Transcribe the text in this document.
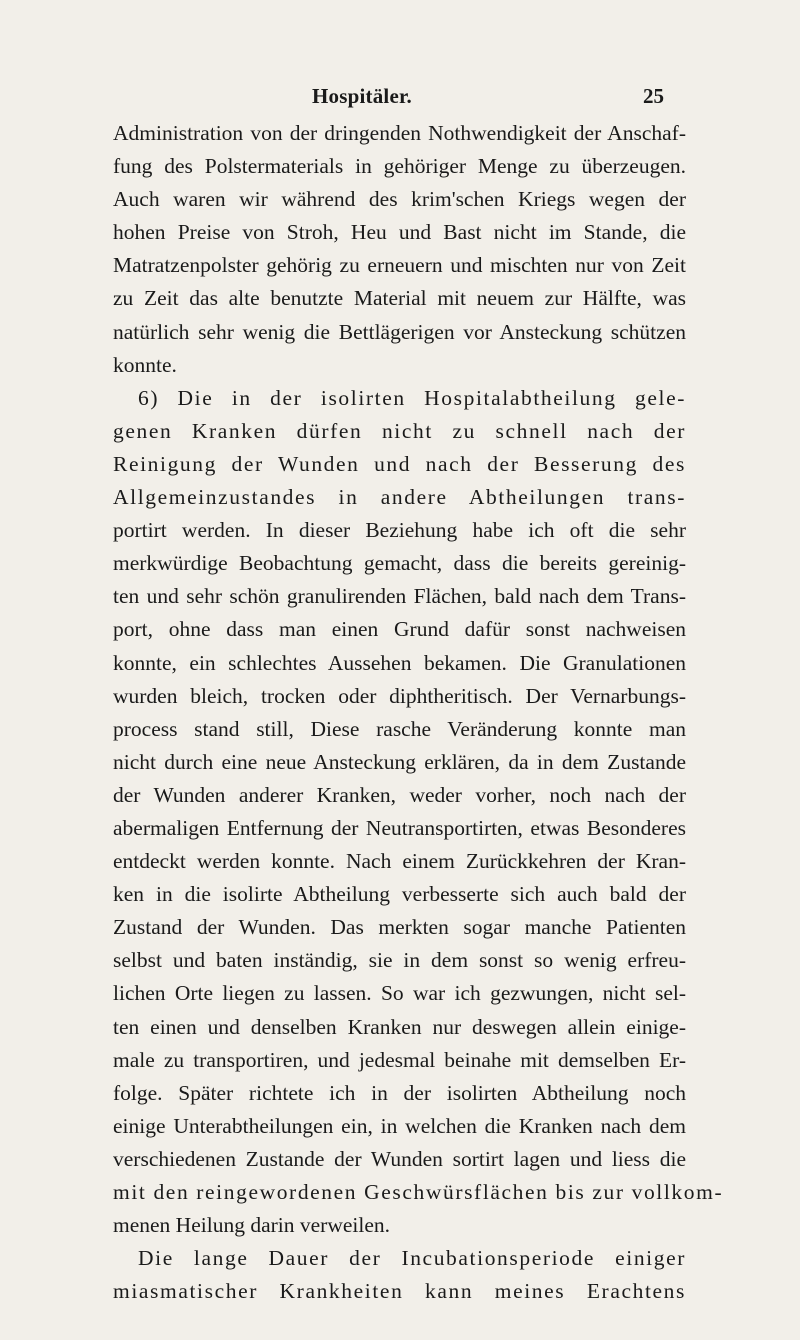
Hospitäler.	25
Administration von der dringenden Nothwendigkeit der Anschaf-
fung des Polstermaterials in gehöriger Menge zu überzeugen.
Auch waren wir während des krim'schen Kriegs wegen der
hohen Preise von Stroh, Heu und Bast nicht im Stande, die
Matratzenpolster gehörig zu erneuern und mischten nur von Zeit
zu Zeit das alte benutzte Material mit neuem zur Hälfte, was
natürlich sehr wenig die Bettlägerigen vor Ansteckung schützen
konnte.
6) Die in der isolirten Hospitalabtheilung gele-
genen Kranken dürfen nicht zu schnell nach der
Reinigung der Wunden und nach der Besserung des
Allgemeinzustandes in andere Abtheilungen trans-
portirt werden. In dieser Beziehung habe ich oft die sehr
merkwürdige Beobachtung gemacht, dass die bereits gereinig-
ten und sehr schön granulirenden Flächen, bald nach dem Trans-
port, ohne dass man einen Grund dafür sonst nachweisen
konnte, ein schlechtes Aussehen bekamen. Die Granulationen
wurden bleich, trocken oder diphtheritisch. Der Vernarbungs-
process stand still, Diese rasche Veränderung konnte man
nicht durch eine neue Ansteckung erklären, da in dem Zustande
der Wunden anderer Kranken, weder vorher, noch nach der
abermaligen Entfernung der Neutransportirten, etwas Besonderes
entdeckt werden konnte. Nach einem Zurückkehren der Kran-
ken in die isolirte Abtheilung verbesserte sich auch bald der
Zustand der Wunden. Das merkten sogar manche Patienten
selbst und baten inständig, sie in dem sonst so wenig erfreu-
lichen Orte liegen zu lassen. So war ich gezwungen, nicht sel-
ten einen und denselben Kranken nur deswegen allein einige-
male zu transportiren, und jedesmal beinahe mit demselben Er-
folge. Später richtete ich in der isolirten Abtheilung noch
einige Unterabtheilungen ein, in welchen die Kranken nach dem
verschiedenen Zustande der Wunden sortirt lagen und liess die
mit den reingewordenen Geschwürsflächen bis zur vollkom-
menen Heilung darin verweilen.
Die lange Dauer der Incubationsperiode einiger
miasmatischer Krankheiten kann meines Erachtens
